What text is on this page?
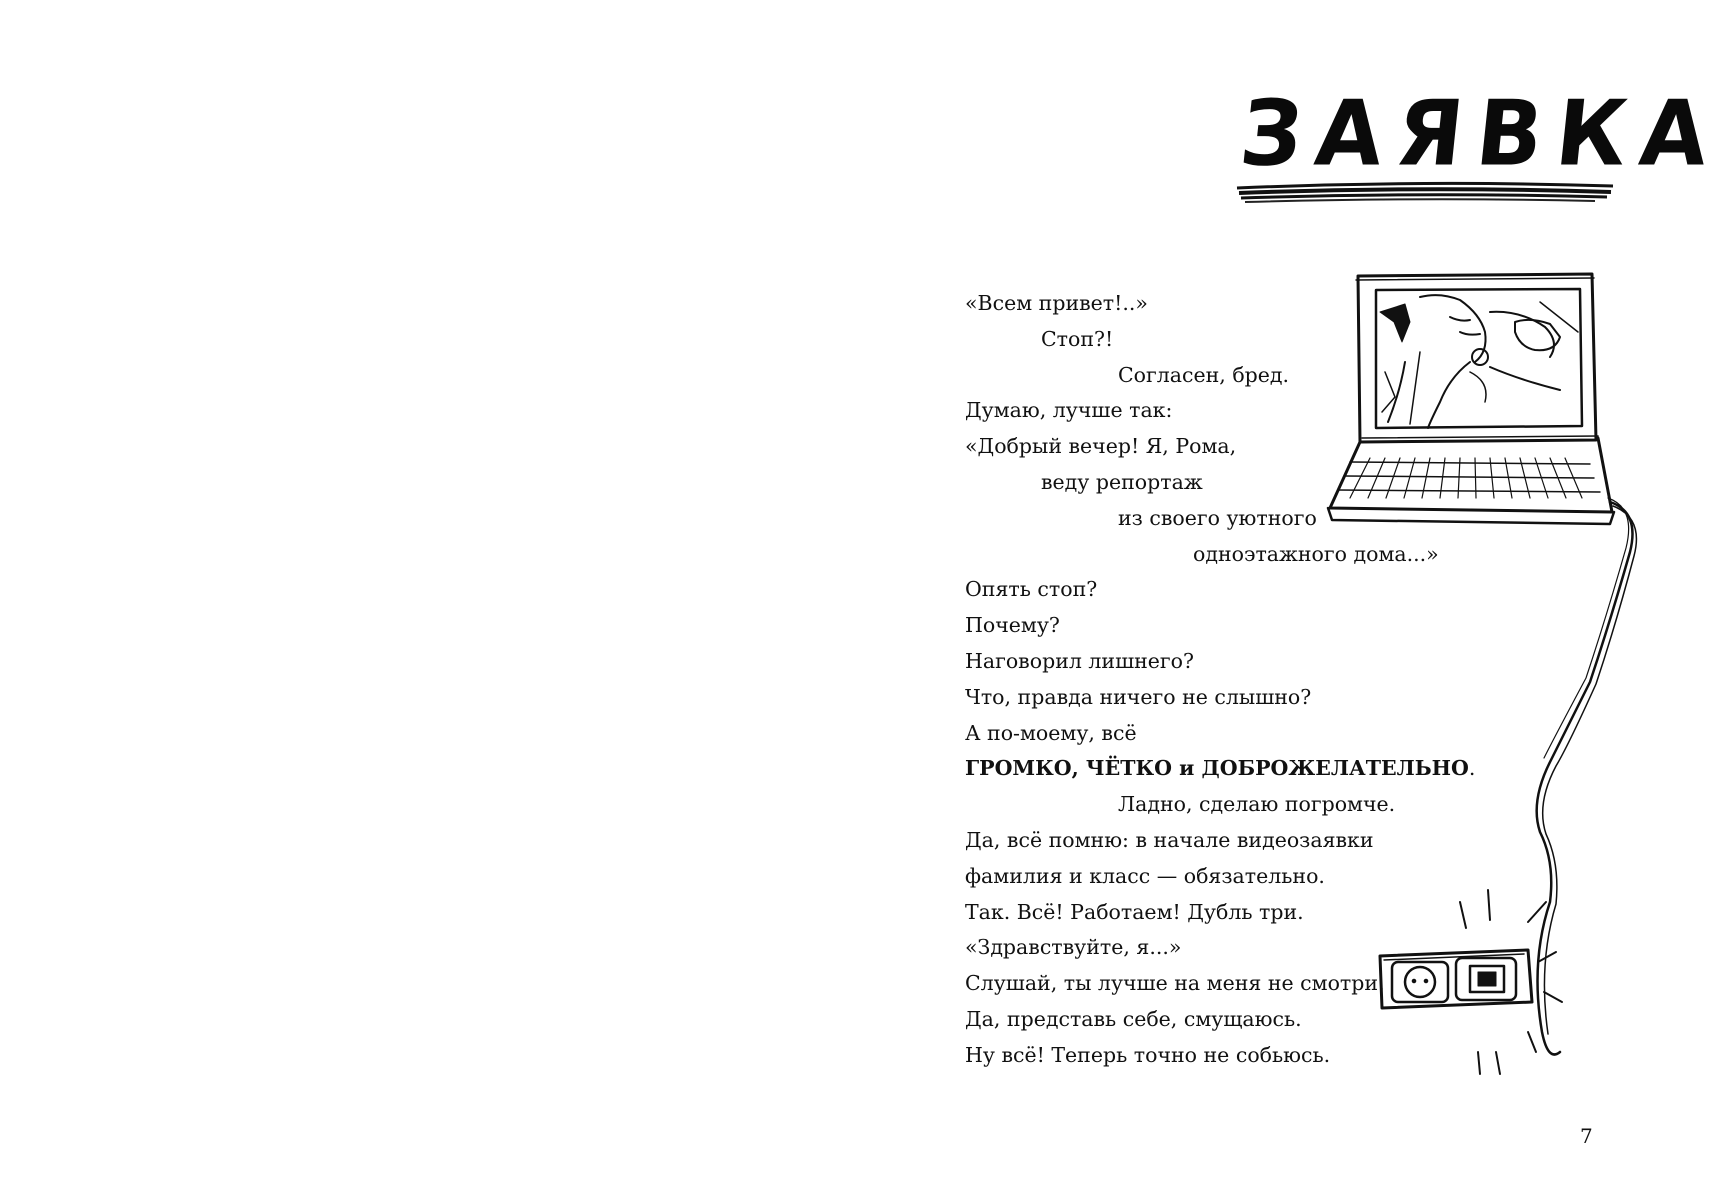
ЗАЯВКА
«Всем привет!..»
Стоп?!
Согласен, бред.
Думаю, лучше так:
«Добрый вечер! Я, Рома,
веду репортаж
из своего уютного
одноэтажного дома...»
Опять стоп?
Почему?
Наговорил лишнего?
Что, правда ничего не слышно?
А по-моему, всё
ГРОМКО, ЧЁТКО и ДОБРОЖЕЛАТЕЛЬНО.
Ладно, сделаю погромче.
Да, всё помню: в начале видеозаявки
фамилия и класс — обязательно.
Так. Всё! Работаем! Дубль три.
«Здравствуйте, я...»
Слушай, ты лучше на меня не смотри.
Да, представь себе, смущаюсь.
Ну всё! Теперь точно не собьюсь.
7
